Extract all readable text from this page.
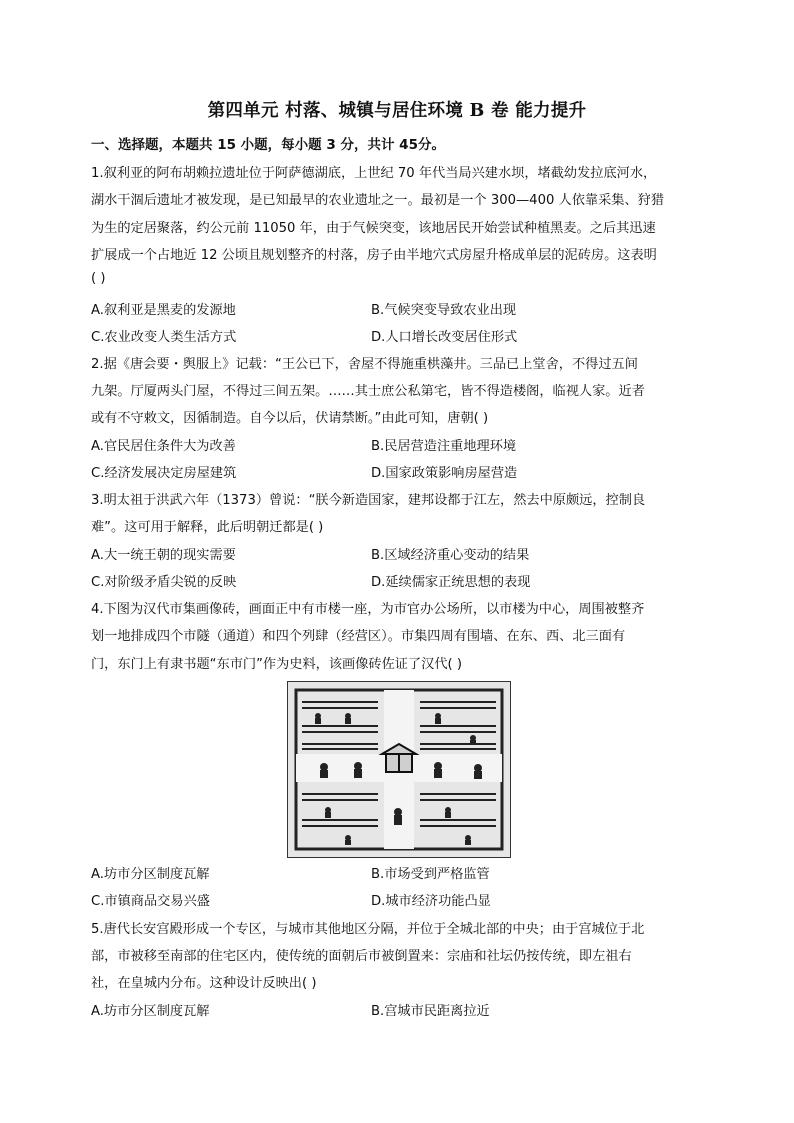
第四单元 村落、城镇与居住环境 B 卷 能力提升
一、选择题，本题共 15 小题，每小题 3 分，共计 45分。
1.叙利亚的阿布胡赖拉遗址位于阿萨德湖底，上世纪 70 年代当局兴建水坝，堵截幼发拉底河水，
湖水干涸后遗址才被发现，是已知最早的农业遗址之一。最初是一个 300—400 人依靠采集、狩猎
为生的定居聚落，约公元前 11050 年，由于气候突变，该地居民开始尝试种植黑麦。之后其迅速
扩展成一个占地近 12 公顷且规划整齐的村落，房子由半地穴式房屋升格成单层的泥砖房。这表明
( )
A.叙利亚是黑麦的发源地	B.气候突变导致农业出现
C.农业改变人类生活方式	D.人口增长改变居住形式
2.据《唐会要・舆服上》记载：“王公已下，舍屋不得施重栱藻井。三品已上堂舍，不得过五间
九架。厅厦两头门屋，不得过三间五架。……其士庶公私第宅，皆不得造楼阁，临视人家。近者
或有不守敕文，因循制造。自今以后，伏请禁断。”由此可知，唐朝( )
A.官民居住条件大为改善	B.民居营造注重地理环境
C.经济发展决定房屋建筑	D.国家政策影响房屋营造
3.明太祖于洪武六年（1373）曾说：“朕今新造国家，建邦设都于江左，然去中原颇远，控制良
难”。这可用于解释，此后明朝迁都是( )
A.大一统王朝的现实需要	B.区域经济重心变动的结果
C.对阶级矛盾尖锐的反映	D.延续儒家正统思想的表现
4.下图为汉代市集画像砖，画面正中有市楼一座，为市官办公场所，以市楼为中心，周围被整齐
划一地排成四个市隧（通道）和四个列肆（经营区）。市集四周有围墙、在东、西、北三面有
门，东门上有隶书题“东市门”作为史料，该画像砖佐证了汉代( )
A.坊市分区制度瓦解	B.市场受到严格监管
C.市镇商品交易兴盛	D.城市经济功能凸显
5.唐代长安宫殿形成一个专区，与城市其他地区分隔，并位于全城北部的中央；由于宫城位于北
部，市被移至南部的住宅区内，使传统的面朝后市被倒置来：宗庙和社坛仍按传统，即左祖右
社，在皇城内分布。这种设计反映出( )
A.坊市分区制度瓦解	B.宫城市民距离拉近
